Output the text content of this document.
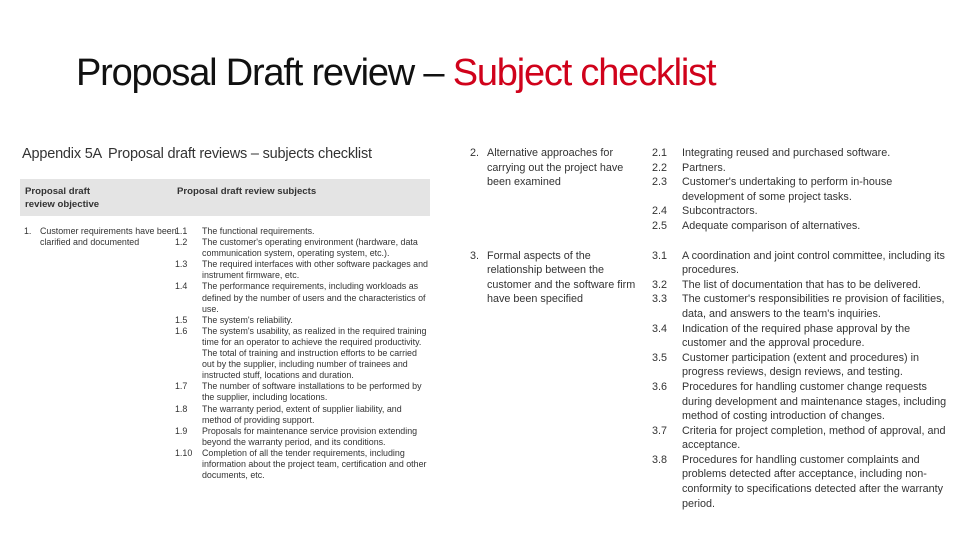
Proposal Draft review – Subject checklist
Appendix 5A Proposal draft reviews – subjects checklist
Proposal draft review objective
Proposal draft review subjects
1. Customer requirements have been clarified and documented
1.1 The functional requirements.
1.2 The customer's operating environment (hardware, data communication system, operating system, etc.).
1.3 The required interfaces with other software packages and instrument firmware, etc.
1.4 The performance requirements, including workloads as defined by the number of users and the characteristics of use.
1.5 The system's reliability.
1.6 The system's usability, as realized in the required training time for an operator to achieve the required productivity. The total of training and instruction efforts to be carried out by the supplier, including number of trainees and instructed stuff, locations and duration.
1.7 The number of software installations to be performed by the supplier, including locations.
1.8 The warranty period, extent of supplier liability, and method of providing support.
1.9 Proposals for maintenance service provision extending beyond the warranty period, and its conditions.
1.10 Completion of all the tender requirements, including information about the project team, certification and other documents, etc.
2. Alternative approaches for carrying out the project have been examined
2.1 Integrating reused and purchased software.
2.2 Partners.
2.3 Customer's undertaking to perform in-house development of some project tasks.
2.4 Subcontractors.
2.5 Adequate comparison of alternatives.
3. Formal aspects of the relationship between the customer and the software firm have been specified
3.1 A coordination and joint control committee, including its procedures.
3.2 The list of documentation that has to be delivered.
3.3 The customer's responsibilities re provision of facilities, data, and answers to the team's inquiries.
3.4 Indication of the required phase approval by the customer and the approval procedure.
3.5 Customer participation (extent and procedures) in progress reviews, design reviews, and testing.
3.6 Procedures for handling customer change requests during development and maintenance stages, including method of costing introduction of changes.
3.7 Criteria for project completion, method of approval, and acceptance.
3.8 Procedures for handling customer complaints and problems detected after acceptance, including non-conformity to specifications detected after the warranty period.
